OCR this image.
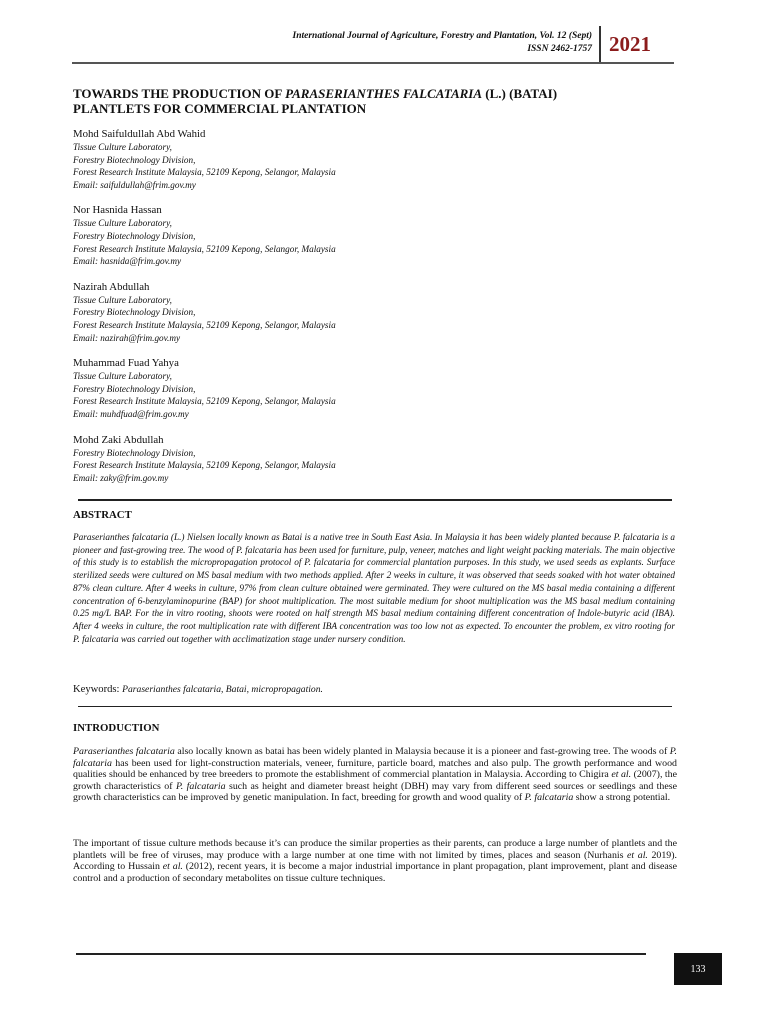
International Journal of Agriculture, Forestry and Plantation, Vol. 12 (Sept)
ISSN 2462-1757 2021
TOWARDS THE PRODUCTION OF PARASERIANTHES FALCATARIA (L.) (BATAI)
PLANTLETS FOR COMMERCIAL PLANTATION
Mohd Saifuldullah Abd Wahid
Tissue Culture Laboratory,
Forestry Biotechnology Division,
Forest Research Institute Malaysia, 52109 Kepong, Selangor, Malaysia
Email: saifuldullah@frim.gov.my
Nor Hasnida Hassan
Tissue Culture Laboratory,
Forestry Biotechnology Division,
Forest Research Institute Malaysia, 52109 Kepong, Selangor, Malaysia
Email: hasnida@frim.gov.my
Nazirah Abdullah
Tissue Culture Laboratory,
Forestry Biotechnology Division,
Forest Research Institute Malaysia, 52109 Kepong, Selangor, Malaysia
Email: nazirah@frim.gov.my
Muhammad Fuad Yahya
Tissue Culture Laboratory,
Forestry Biotechnology Division,
Forest Research Institute Malaysia, 52109 Kepong, Selangor, Malaysia
Email: muhdfuad@frim.gov.my
Mohd Zaki Abdullah
Forestry Biotechnology Division,
Forest Research Institute Malaysia, 52109 Kepong, Selangor, Malaysia
Email: zaky@frim.gov.my
ABSTRACT
Paraserianthes falcataria (L.) Nielsen locally known as Batai is a native tree in South East Asia. In Malaysia it has been widely planted because P. falcataria is a pioneer and fast-growing tree. The wood of P. falcataria has been used for furniture, pulp, veneer, matches and light weight packing materials. The main objective of this study is to establish the micropropagation protocol of P. falcataria for commercial plantation purposes. In this study, we used seeds as explants. Surface sterilized seeds were cultured on MS basal medium with two methods applied. After 2 weeks in culture, it was observed that seeds soaked with hot water obtained 87% clean culture. After 4 weeks in culture, 97% from clean culture obtained were germinated. They were cultured on the MS basal media containing a different concentration of 6-benzylaminopurine (BAP) for shoot multiplication. The most suitable medium for shoot multiplication was the MS basal medium containing 0.25 mg/L BAP. For the in vitro rooting, shoots were rooted on half strength MS basal medium containing different concentration of Indole-butyric acid (IBA). After 4 weeks in culture, the root multiplication rate with different IBA concentration was too low not as expected. To encounter the problem, ex vitro rooting for P. falcataria was carried out together with acclimatization stage under nursery condition.
Keywords: Paraserianthes falcataria, Batai, micropropagation.
INTRODUCTION
Paraserianthes falcataria also locally known as batai has been widely planted in Malaysia because it is a pioneer and fast-growing tree. The woods of P. falcataria has been used for light-construction materials, veneer, furniture, particle board, matches and also pulp. The growth performance and wood qualities should be enhanced by tree breeders to promote the establishment of commercial plantation in Malaysia. According to Chigira et al. (2007), the growth characteristics of P. falcataria such as height and diameter breast height (DBH) may vary from different seed sources or seedlings and these growth characteristics can be improved by genetic manipulation. In fact, breeding for growth and wood quality of P. falcataria show a strong potential.
The important of tissue culture methods because it’s can produce the similar properties as their parents, can produce a large number of plantlets and the plantlets will be free of viruses, may produce with a large number at one time with not limited by times, places and season (Nurhanis et al. 2019). According to Hussain et al. (2012), recent years, it is become a major industrial importance in plant propagation, plant improvement, plant and disease control and a production of secondary metabolites on tissue culture techniques.
133
